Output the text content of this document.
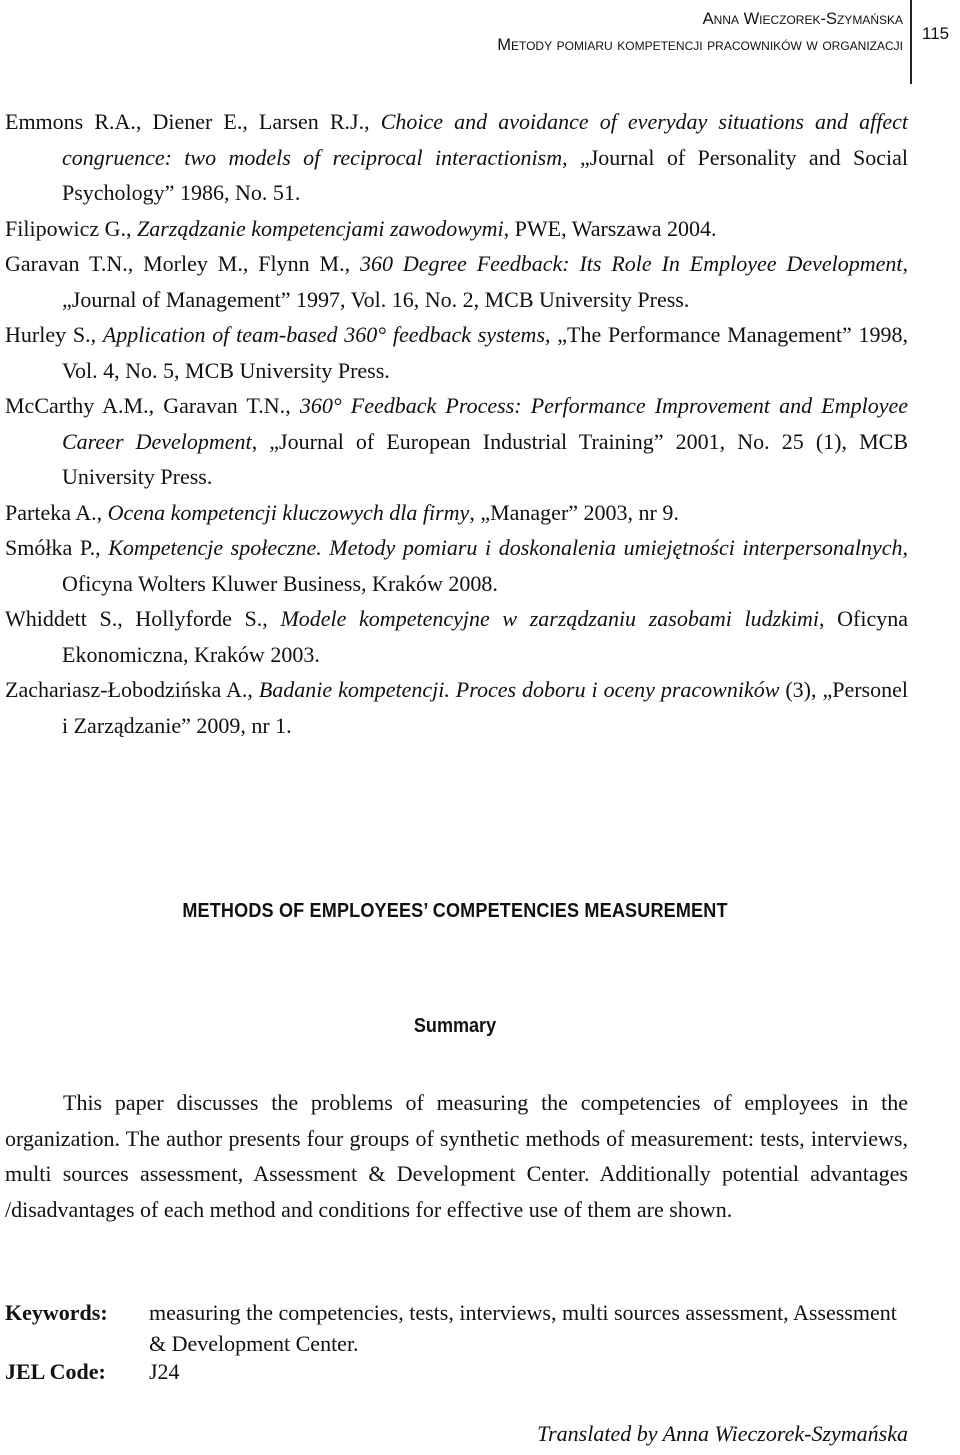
Anna Wieczorek-Szymańska
Metody pomiaru kompetencji pracowników w organizacji
115

Emmons R.A., Diener E., Larsen R.J., Choice and avoidance of everyday situations and affect congruence: two models of reciprocal interactionism, „Journal of Personality and Social Psychology” 1986, No. 51.

Filipowicz G., Zarządzanie kompetencjami zawodowymi, PWE, Warszawa 2004.

Garavan T.N., Morley M., Flynn M., 360 Degree Feedback: Its Role In Employee Development, „Journal of Management” 1997, Vol. 16, No. 2, MCB University Press.

Hurley S., Application of team-based 360° feedback systems, „The Performance Management” 1998, Vol. 4, No. 5, MCB University Press.

McCarthy A.M., Garavan T.N., 360° Feedback Process: Performance Improvement and Employee Career Development, „Journal of European Industrial Training” 2001, No. 25 (1), MCB University Press.

Parteka A., Ocena kompetencji kluczowych dla firmy, „Manager” 2003, nr 9.

Smółka P., Kompetencje społeczne. Metody pomiaru i doskonalenia umiejętności interpersonalnych, Oficyna Wolters Kluwer Business, Kraków 2008.

Whiddett S., Hollyforde S., Modele kompetencyjne w zarządzaniu zasobami ludzkimi, Oficyna Ekonomiczna, Kraków 2003.

Zachariasz-Łobodzińska A., Badanie kompetencji. Proces doboru i oceny pracowników (3), „Personel i Zarządzanie” 2009, nr 1.

METHODS OF EMPLOYEES’ COMPETENCIES MEASUREMENT
Summary

This paper discusses the problems of measuring the competencies of employees in the organization. The author presents four groups of synthetic methods of measurement: tests, interviews, multi sources assessment, Assessment & Development Center. Additionally potential advantages /disadvantages of each method and conditions for effective use of them are shown.

Keywords: measuring the competencies, tests, interviews, multi sources assessment, Assessment & Development Center.
JEL Code: J24
Translated by Anna Wieczorek-Szymańska
